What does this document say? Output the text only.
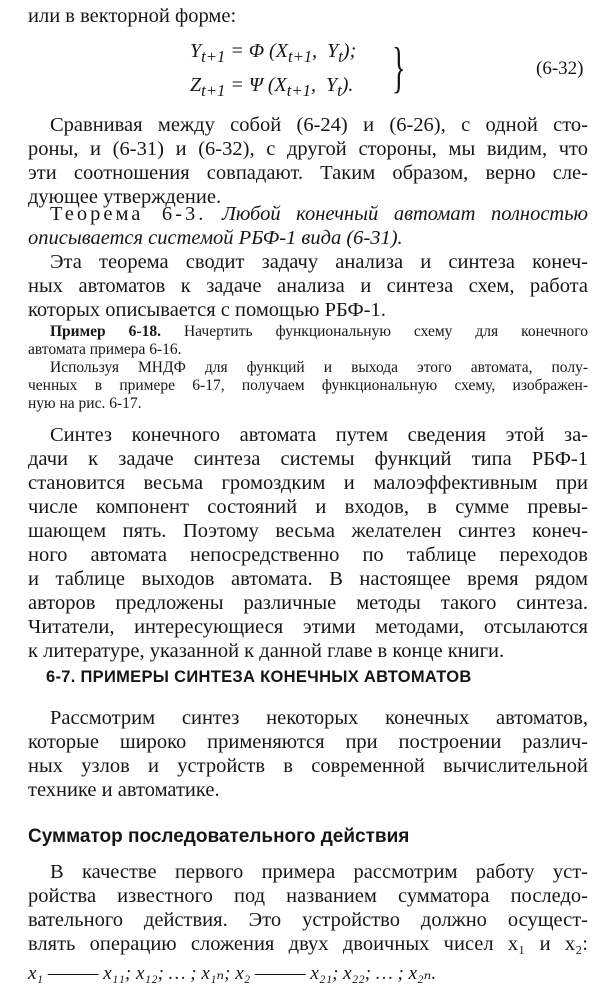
или в векторной форме:
$Y_{t+1} = \Phi$ ($X_{t+1}$,  $Y_t$);
$Z_{t+1} = \Psi$ ($X_{t+1}$,  $Y_t$). }	(6-32)
Сравнивая между собой (6-24) и (6-26), с одной сто-
роны, и (6-31) и (6-32), с другой стороны, мы видим, что
эти соотношения совпадают. Таким образом, верно сле-
дующее утверждение.
Теорема 6-3. Любой конечный автомат полностью
описывается системой РБФ-1 вида (6-31).
Эта теорема сводит задачу анализа и синтеза конеч-
ных автоматов к задаче анализа и синтеза схем, работа
которых описывается с помощью РБФ-1.
Пример 6-18. Начертить функциональную схему для конечного
автомата примера 6-16.
Используя МНДФ для функций и выхода этого автомата, полу-
ченных в примере 6-17, получаем функциональную схему, изображен-
ную на рис. 6-17.
Синтез конечного автомата путем сведения этой за-
дачи к задаче синтеза системы функций типа РБФ-1
становится весьма громоздким и малоэффективным при
числе компонент состояний и входов, в сумме превы-
шающем пять. Поэтому весьма желателен синтез конеч-
ного автомата непосредственно по таблице переходов
и таблице выходов автомата. В настоящее время рядом
авторов предложены различные методы такого синтеза.
Читатели, интересующиеся этими методами, отсылаются
к литературе, указанной к данной главе в конце книги.
6-7. ПРИМЕРЫ СИНТЕЗА КОНЕЧНЫХ АВТОМАТОВ
Рассмотрим синтез некоторых конечных автоматов,
которые широко применяются при построении различ-
ных узлов и устройств в современной вычислительной
технике и автоматике.
Сумматор последовательного действия
В качестве первого примера рассмотрим работу уст-
ройства известного под названием сумматора последо-
вательного действия. Это устройство должно осущест-
влять операцию сложения двух двоичных чисел x₁ и x₂:
x₁ ——— x₁₁; x₁₂; … ; x₁ₙ; x₂ ——— x₂₁; x₂₂; … ; x₂ₙ.
